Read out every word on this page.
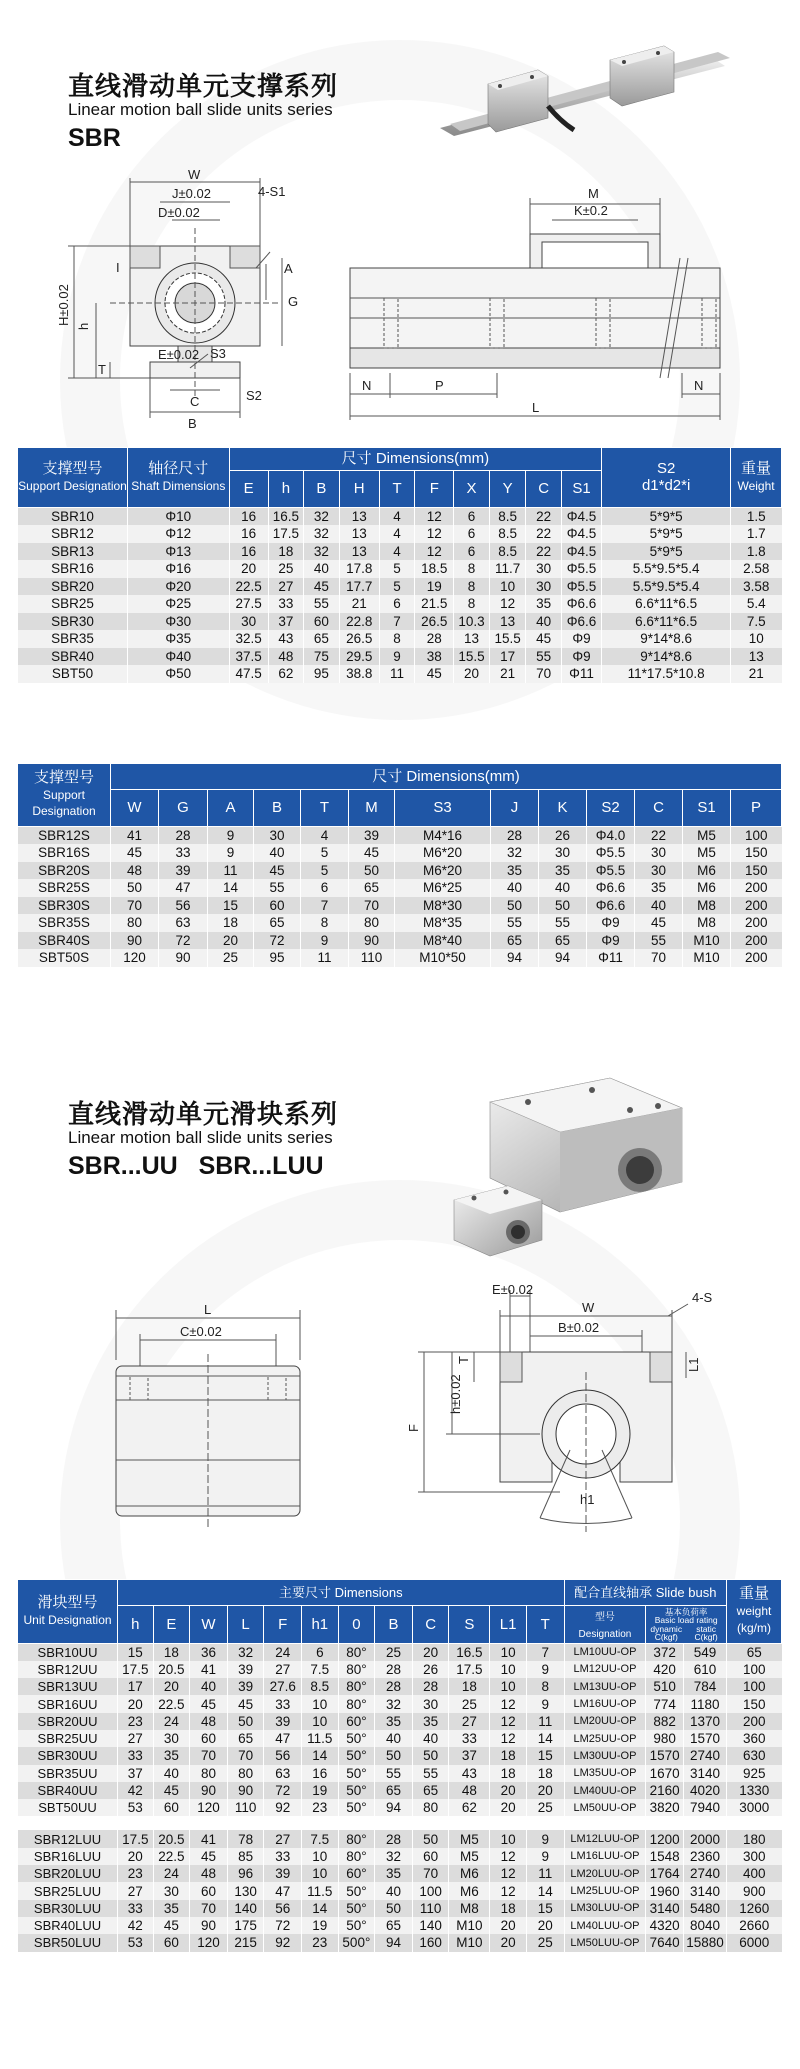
直线滑动单元支撑系列
Linear motion ball slide units series
SBR
W
J±0.02
D±0.02
4-S1
I	A
G
H±0.02
h
T
E±0.02 S3
C
B
S2
M
K±0.2
N	P	N
L
支撑型号
Support Designation	轴径尺寸
Shaft Dimensions	尺寸 Dimensions(mm)										S2
d1*d2*i	重量
Weight
		E	h	B	H	T	F	X	Y	C	S1		
SBR10	Φ10	16	16.5	32	13	4	12	6	8.5	22	Φ4.5	5*9*5	1.5
SBR12	Φ12	16	17.5	32	13	4	12	6	8.5	22	Φ4.5	5*9*5	1.7
SBR13	Φ13	16	18	32	13	4	12	6	8.5	22	Φ4.5	5*9*5	1.8
SBR16	Φ16	20	25	40	17.8	5	18.5	8	11.7	30	Φ5.5	5.5*9.5*5.4	2.58
SBR20	Φ20	22.5	27	45	17.7	5	19	8	10	30	Φ5.5	5.5*9.5*5.4	3.58
SBR25	Φ25	27.5	33	55	21	6	21.5	8	12	35	Φ6.6	6.6*11*6.5	5.4
SBR30	Φ30	30	37	60	22.8	7	26.5	10.3	13	40	Φ6.6	6.6*11*6.5	7.5
SBR35	Φ35	32.5	43	65	26.5	8	28	13	15.5	45	Φ9	9*14*8.6	10
SBR40	Φ40	37.5	48	75	29.5	9	38	15.5	17	55	Φ9	9*14*8.6	13
SBT50	Φ50	47.5	62	95	38.8	11	45	20	21	70	Φ11	11*17.5*10.8	21
支撑型号
Support Designation	尺寸 Dimensions(mm)												
	W	G	A	B	T	M	S3	J	K	S2	C	S1	P
SBR12S	41	28	9	30	4	39	M4*16	28	26	Φ4.0	22	M5	100
SBR16S	45	33	9	40	5	45	M6*20	32	30	Φ5.5	30	M5	150
SBR20S	48	39	11	45	5	50	M6*20	35	35	Φ5.5	30	M6	150
SBR25S	50	47	14	55	6	65	M6*25	40	40	Φ6.6	35	M6	200
SBR30S	70	56	15	60	7	70	M8*30	50	50	Φ6.6	40	M8	200
SBR35S	80	63	18	65	8	80	M8*35	55	55	Φ9	45	M8	200
SBR40S	90	72	20	72	9	90	M8*40	65	65	Φ9	55	M10	200
SBT50S	120	90	25	95	11	110	M10*50	94	94	Φ11	70	M10	200
直线滑动单元滑块系列
Linear motion ball slide units series
SBR...UU   SBR...LUU
L
C±0.02
E±0.02
W
B±0.02
4-S
T
h±0.02
L1
F
h1
滑块型号
Unit Designation	主要尺寸 Dimensions												配合直线轴承 Slide bush			重量
weight (kg/m)
	h	E	W	L	F	h1	0	B	C	S	L1	T	型号
Designation	基本负荷率
Basic load rating
dynamic C(kgf)
static C(kgf)		

SBR10UU	15	18	36	32	24	6	80°	25	20	16.5	10	7	LM10UU-OP	372	549	65
SBR12UU	17.5	20.5	41	39	27	7.5	80°	28	26	17.5	10	9	LM12UU-OP	420	610	100
SBR13UU	17	20	40	39	27.6	8.5	80°	28	28	18	10	8	LM13UU-OP	510	784	100
SBR16UU	20	22.5	45	45	33	10	80°	32	30	25	12	9	LM16UU-OP	774	1180	150
SBR20UU	23	24	48	50	39	10	60°	35	35	27	12	11	LM20UU-OP	882	1370	200
SBR25UU	27	30	60	65	47	11.5	50°	40	40	33	12	14	LM25UU-OP	980	1570	360
SBR30UU	33	35	70	70	56	14	50°	50	50	37	18	15	LM30UU-OP	1570	2740	630
SBR35UU	37	40	80	80	63	16	50°	55	55	43	18	18	LM35UU-OP	1670	3140	925
SBR40UU	42	45	90	90	72	19	50°	65	65	48	20	20	LM40UU-OP	2160	4020	1330
SBT50UU	53	60	120	110	92	23	50°	94	80	62	20	25	LM50UU-OP	3820	7940	3000

SBR12LUU	17.5	20.5	41	78	27	7.5	80°	28	50	M5	10	9	LM12LUU-OP	1200	2000	180
SBR16LUU	20	22.5	45	85	33	10	80°	32	60	M5	12	9	LM16LUU-OP	1548	2360	300
SBR20LUU	23	24	48	96	39	10	60°	35	70	M6	12	11	LM20LUU-OP	1764	2740	400
SBR25LUU	27	30	60	130	47	11.5	50°	40	100	M6	12	14	LM25LUU-OP	1960	3140	900
SBR30LUU	33	35	70	140	56	14	50°	50	110	M8	18	15	LM30LUU-OP	3140	5480	1260
SBR40LUU	42	45	90	175	72	19	50°	65	140	M10	20	20	LM40LUU-OP	4320	8040	2660
SBR50LUU	53	60	120	215	92	23	500°	94	160	M10	20	25	LM50LUU-OP	7640	15880	6000
